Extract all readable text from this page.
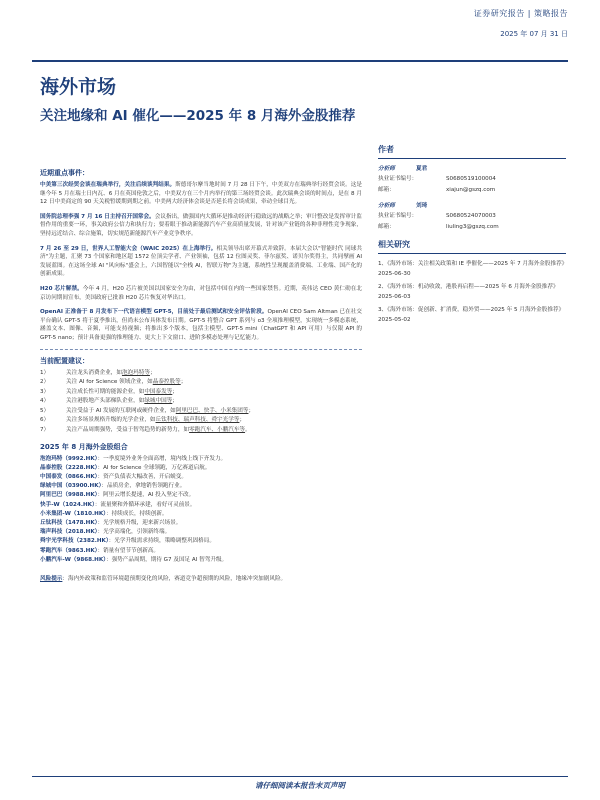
证券研究报告 | 策略报告
2025 年 07 月 31 日
海外市场
关注地缘和 AI 催化——2025 年 8 月海外金股推荐
近期重点事件：

中美第三次经贸会谈在瑞典举行，关注后续谈判结果。斯德哥尔摩当地时间 7 月 28 日下午，中美双方在瑞典举行经贸会谈。这是继今年 5 月在瑞士日内瓦、6 月在英国伦敦之后，中美双方在三个月内举行的第三场经贸会谈。此次瑞典会谈的时间点，是在 8 月 12 日中美商定的 90 天关税暂缓期到期之前。中美两大经济体会谈是否延长将会谈成果，牵动全球目光。

国务院总理李强 7 月 16 日主持召开国常会。会议指出，做强国内大循环是推动经济行稳致远的战略之举；审计整改是发挥审计监督作用的重要一环，事关政府公信力和执行力；要着眼于推动新能源汽车产业高质量发展，针对该产业链的各种非理性竞争现象，坚持远近结合、综合施策，切实规范新能源汽车产业竞争秩序。

7 月 26 至 29 日，世界人工智能大会（WAIC 2025）在上海举行。相关领导出席开幕式并致辞。本届大会以"智能时代 同球共济"为主题，汇聚 73 个国家和地区超 1572 位顶尖学者、产业领袖，包括 12 位图灵奖、菲尔兹奖、诺贝尔奖得主，共同擘画 AI 发展蓝图。在这场全球 AI "风向标"盛会上，六国智能以"全栈 AI，智联万物"为主题，系统性呈现覆盖消费端、工业端、国产化的创新成果。

H20 芯片解禁。今年 4 月，H20 芯片被美国以国家安全为由，对包括中国在内的一些国家禁售。近期，英伟达 CEO 黄仁勋在北京访问期间宣布，美国政府已批准 H20 芯片恢复对华出口。

OpenAI 正准备于 8 月发布下一代语言模型 GPT-5，目前处于最后测试和安全评估阶段。OpenAI CEO Sam Altman 已在社交平台确认 GPT-5 将于夏季推出，但尚未公布具体发布日期。GPT-5 将整合 GPT 系列与 o3 全项推理模型，实现统一多模态系统，涵盖文本、图像、音频，可能支持视频；将推出多个版本，包括主模型、GPT-5 mini（ChatGPT 和 API 可用）与仅限 API 的 GPT-5 nano；预计具备更强的推理能力、更大上下文窗口、进阶多模态处理与记忆能力。

当前配置建议：
1）	关注龙头消费企业，如泡泡玛特等；
2）	关注 AI for Science 领域企业，如晶泰控股等；
3）	关注成长性可期的能源企业，如中国泰发等；
4）	关注港股地产头部梯队企业，如绿城中国等；
5）	关注受益于 AI 发展的互联网或硬件企业，如阿里巴巴、快手、小米集团等；
6）	关注多场景规格升级的光学企业，如丘钛科技、瑞声科技、舜宇光学等；
7）	关注产品周期强势，受益于智驾趋势的新势力，如零跑汽车、小鹏汽车等。
2025 年 8 月海外金股组合
泡泡玛特（9992.HK）：一季度境外业务全面高增，境内线上线下齐发力。
晶泰控股（2228.HK）：AI for Science 全球领跑，万亿赛道启航。
中国泰发（0866.HK）：资产负债表大幅改善，开启蜕变。
绿城中国（03900.HK）：品质房企，拿地销售领跑行业。
阿里巴巴（9988.HK）：阿里云增长提速，AI 投入坚定不改。
快手-W（1024.HK）：流量聚和外循环承建，看好可灵前景。
小米集团-W（1810.HK）：持续成长，持续创新。
丘钛科技（1478.HK）：光学规格升级，迎来新兴场景。
瑞声科技（2018.HK）：光学高端化，引领新终端。
舜宇光学科技（2382.HK）：光学升级需求持续，策略调整巩固格局。
零跑汽车（9863.HK）：销量有望节节创新高。
小鹏汽车-W（9868.HK）：强势产品周期，期待 G7 及国足 AI 智驾升级。

风险提示：海内外政策和监管环境超预期变化的风险，赛道竞争超预期的风险，地缘冲突加剧风险。

作者
分析师	夏君
执业证书编号：	S0680519100004
邮箱：	xiajun@gszq.com
分析师	刘琦
执业证书编号：	S0680524070003
邮箱：	liuling3@gszq.com
相关研究
1、《海外市场：关注相关政策和 IE 季催化——2025 年 7 月海外金股推荐》2025-06-30
2、《海外市场：机动收敛，港股再启程——2025 年 6 月海外金股推荐》2025-06-03
3、《海外市场：促创新、扩消费，稳外贸——2025 年 5 月海外金股推荐》2025-05-02
请仔细阅读本报告末页声明
